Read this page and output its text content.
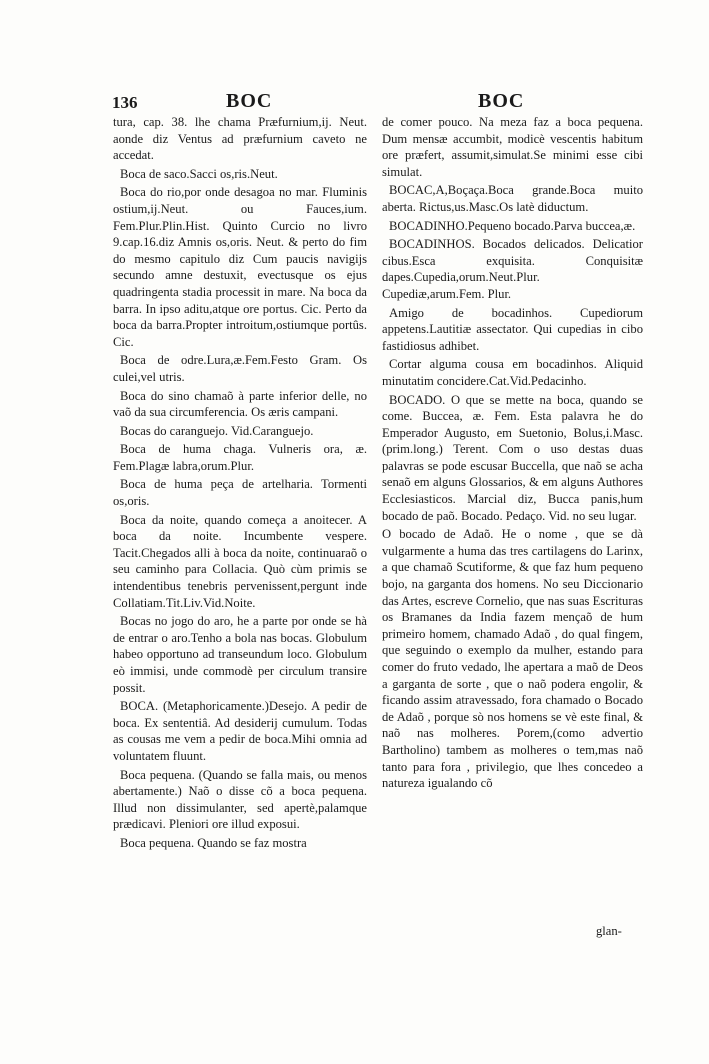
136	BOC	BOC

tura, cap. 38. lhe chama Præfurnium,ij. Neut. aonde diz Ventus ad præfurnium caveto ne accedat.

Boca de saco.Sacci os,ris.Neut.

Boca do rio,por onde desagoa no mar. Fluminis ostium,ij.Neut. ou Fauces,ium. Fem.Plur.Plin.Hist. Quinto Curcio no livro 9.cap.16.diz Amnis os,oris. Neut. & perto do fim do mesmo capitulo diz Cum paucis navigijs secundo amne destuxit, evectusque os ejus quadringenta stadia processit in mare. Na boca da barra. In ipso aditu,atque ore portus. Cic. Perto da boca da barra.Propter introitum,ostiumque portûs. Cic.

Boca de odre.Lura,æ.Fem.Festo Gram. Os culei,vel utris.

Boca do sino chamaõ à parte inferior delle, no vaõ da sua circumferencia. Os æris campani.

Bocas do caranguejo. Vid.Caranguejo.

Boca de huma chaga. Vulneris ora, æ. Fem.Plagæ labra,orum.Plur.

Boca de huma peça de artelharia. Tormenti os,oris.

Boca da noite, quando começa a anoitecer. A boca da noite. Incumbente vespere. Tacit.Chegados alli à boca da noite, continuaraõ o seu caminho para Collacia. Quò cùm primis se intendentibus tenebris pervenissent,pergunt inde Collatiam.Tit.Liv.Vid.Noite.

Bocas no jogo do aro, he a parte por onde se hà de entrar o aro.Tenho a bola nas bocas. Globulum habeo opportuno ad transeundum loco. Globulum eò immisi, unde commodè per circulum transire possit.

BOCA. (Metaphoricamente.)Desejo. A pedir de boca. Ex sententiâ. Ad desiderij cumulum. Todas as cousas me vem a pedir de boca.Mihi omnia ad voluntatem fluunt.

Boca pequena. (Quando se falla mais, ou menos abertamente.) Naõ o disse cõ a boca pequena. Illud non dissimulanter, sed apertè,palamque prædicavi. Pleniori ore illud exposui.

Boca pequena. Quando se faz mostra

de comer pouco. Na meza faz a boca pequena. Dum mensæ accumbit, modicè vescentis habitum ore præfert, assumit,simulat.Se minimi esse cibi simulat.

BOCAC,A,Boçaça.Boca grande.Boca muito aberta. Rictus,us.Masc.Os latè diductum.

BOCADINHO.Pequeno bocado.Parva buccea,æ.

BOCADINHOS. Bocados delicados. Delicatior cibus.Esca exquisita. Conquisitæ dapes.Cupedia,orum.Neut.Plur. Cupediæ,arum.Fem. Plur.

Amigo de bocadinhos. Cupediorum appetens.Lautitiæ assectator. Qui cupedias in cibo fastidiosus adhibet.

Cortar alguma cousa em bocadinhos. Aliquid minutatim concidere.Cat.Vid.Pedacinho.

BOCADO. O que se mette na boca, quando se come. Buccea, æ. Fem. Esta palavra he do Emperador Augusto, em Suetonio, Bolus,i.Masc.(prim.long.) Terent. Com o uso destas duas palavras se pode escusar Buccella, que naõ se acha senaõ em alguns Glossarios, & em alguns Authores Ecclesiasticos. Marcial diz, Bucca panis,hum bocado de paõ. Bocado. Pedaço. Vid. no seu lugar.

O bocado de Adaõ. He o nome , que se dà vulgarmente a huma das tres cartilagens do Larinx, a que chamaõ Scutiforme, & que faz hum pequeno bojo, na garganta dos homens. No seu Diccionario das Artes, escreve Cornelio, que nas suas Escrituras os Bramanes da India fazem mençaõ de hum primeiro homem, chamado Adaõ , do qual fingem, que seguindo o exemplo da mulher, estando para comer do fruto vedado, lhe apertara a maõ de Deos a garganta de sorte , que o naõ podera engolir, & ficando assim atravessado, fora chamado o Bocado de Adaõ , porque sò nos homens se vè este final, & naõ nas molheres. Porem,(como advertio Bartholino) tambem as molheres o tem,mas naõ tanto para fora , privilegio, que lhes concedeo a natureza igualando cõ

glan-
